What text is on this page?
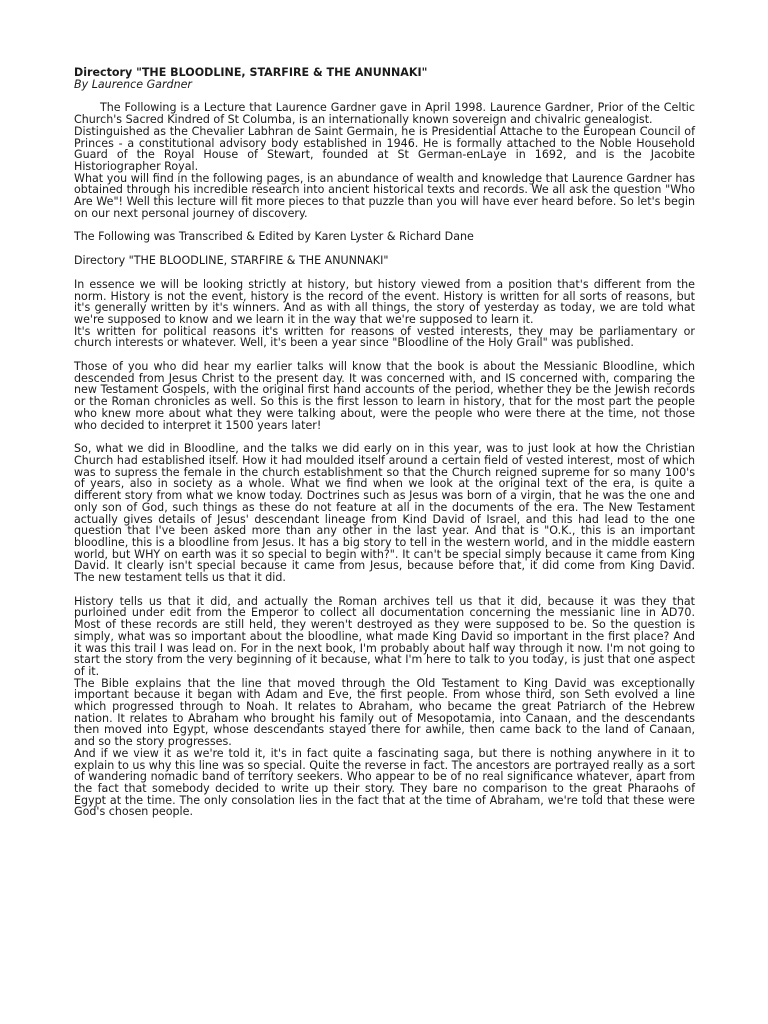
Directory "THE BLOODLINE, STARFIRE & THE ANUNNAKI"

By Laurence Gardner

The Following is a Lecture that Laurence Gardner gave in April 1998. Laurence Gardner, Prior of the Celtic Church's Sacred Kindred of St Columba, is an internationally known sovereign and chivalric genealogist.

Distinguished as the Chevalier Labhran de Saint Germain, he is Presidential Attache to the European Council of Princes - a constitutional advisory body established in 1946. He is formally attached to the Noble Household Guard of the Royal House of Stewart, founded at St German-enLaye in 1692, and is the Jacobite Historiographer Royal.

What you will find in the following pages, is an abundance of wealth and knowledge that Laurence Gardner has obtained through his incredible research into ancient historical texts and records. We all ask the question "Who Are We"! Well this lecture will fit more pieces to that puzzle than you will have ever heard before. So let's begin on our next personal journey of discovery.

The Following was Transcribed & Edited by Karen Lyster & Richard Dane

Directory "THE BLOODLINE, STARFIRE & THE ANUNNAKI"

In essence we will be looking strictly at history, but history viewed from a position that's different from the norm. History is not the event, history is the record of the event. History is written for all sorts of reasons, but it's generally written by it's winners. And as with all things, the story of yesterday as today, we are told what we're supposed to know and we learn it in the way that we're supposed to learn it.

It's written for political reasons it's written for reasons of vested interests, they may be parliamentary or church interests or whatever. Well, it's been a year since "Bloodline of the Holy Grail" was published.

Those of you who did hear my earlier talks will know that the book is about the Messianic Bloodline, which descended from Jesus Christ to the present day. It was concerned with, and IS concerned with, comparing the new Testament Gospels, with the original first hand accounts of the period, whether they be the Jewish records or the Roman chronicles as well. So this is the first lesson to learn in history, that for the most part the people who knew more about what they were talking about, were the people who were there at the time, not those who decided to interpret it 1500 years later!

So, what we did in Bloodline, and the talks we did early on in this year, was to just look at how the Christian Church had established itself. How it had moulded itself around a certain field of vested interest, most of which was to supress the female in the church establishment so that the Church reigned supreme for so many 100's of years, also in society as a whole. What we find when we look at the original text of the era, is quite a different story from what we know today. Doctrines such as Jesus was born of a virgin, that he was the one and only son of God, such things as these do not feature at all in the documents of the era. The New Testament actually gives details of Jesus' descendant lineage from Kind David of Israel, and this had lead to the one question that I've been asked more than any other in the last year. And that is "O.K., this is an important bloodline, this is a bloodline from Jesus. It has a big story to tell in the western world, and in the middle eastern world, but WHY on earth was it so special to begin with?". It can't be special simply because it came from King David. It clearly isn't special because it came from Jesus, because before that, it did come from King David. The new testament tells us that it did.

History tells us that it did, and actually the Roman archives tell us that it did, because it was they that purloined under edit from the Emperor to collect all documentation concerning the messianic line in AD70. Most of these records are still held, they weren't destroyed as they were supposed to be. So the question is simply, what was so important about the bloodline, what made King David so important in the first place? And it was this trail I was lead on. For in the next book, I'm probably about half way through it now. I'm not going to start the story from the very beginning of it because, what I'm here to talk to you today, is just that one aspect of it.

The Bible explains that the line that moved through the Old Testament to King David was exceptionally important because it began with Adam and Eve, the first people. From whose third, son Seth evolved a line which progressed through to Noah. It relates to Abraham, who became the great Patriarch of the Hebrew nation. It relates to Abraham who brought his family out of Mesopotamia, into Canaan, and the descendants then moved into Egypt, whose descendants stayed there for awhile, then came back to the land of Canaan, and so the story progresses.

And if we view it as we're told it, it's in fact quite a fascinating saga, but there is nothing anywhere in it to explain to us why this line was so special. Quite the reverse in fact. The ancestors are portrayed really as a sort of wandering nomadic band of territory seekers. Who appear to be of no real significance whatever, apart from the fact that somebody decided to write up their story. They bare no comparison to the great Pharaohs of Egypt at the time. The only consolation lies in the fact that at the time of Abraham, we're told that these were God's chosen people.
